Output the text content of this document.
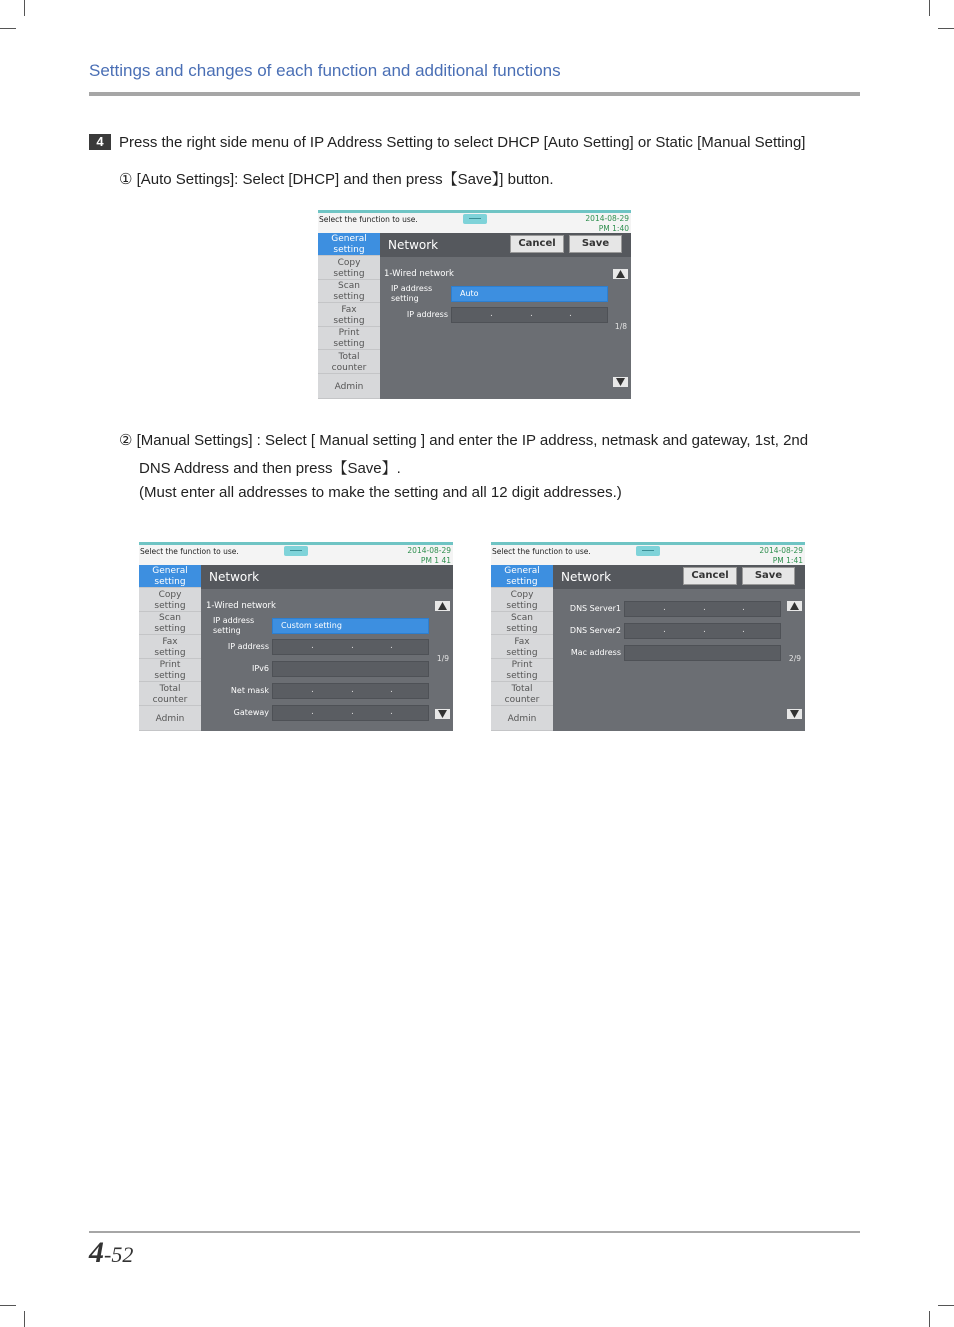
Settings and changes of each function and additional functions
4	Press the right side menu of IP Address Setting to select DHCP [Auto Setting] or Static [Manual Setting]
① [Auto Settings]: Select [DHCP] and then press【Save】] button.
Select the function to use.	2014-08-29
PM 1:40
General
setting
Copy
setting
Scan
setting
Fax
setting
Print
setting
Total
counter
Admin
Network	Cancel	Save
1-Wired network
IP address
setting
Auto
IP address	.	.	.
1/8
② [Manual Settings] : Select [ Manual setting ] and enter the IP address, netmask and gateway, 1st, 2nd
DNS Address and then press【Save】.
(Must enter all addresses to make the setting and all 12 digit addresses.)
Select the function to use.	2014-08-29
PM 1 41
General
setting
Copy
setting
Scan
setting
Fax
setting
Print
setting
Total
counter
Admin
Network
1-Wired network
IP address
setting
Custom setting
IP address	.	.	.
IPv6
Net mask	.	.	.
Gateway	.	.	.
1/9
Select the function to use.	2014-08-29
PM 1:41
General
setting
Copy
setting
Scan
setting
Fax
setting
Print
setting
Total
counter
Admin
Network	Cancel	Save
DNS Server1	.	.	.
DNS Server2	.	.	.
Mac address
2/9
4-52
